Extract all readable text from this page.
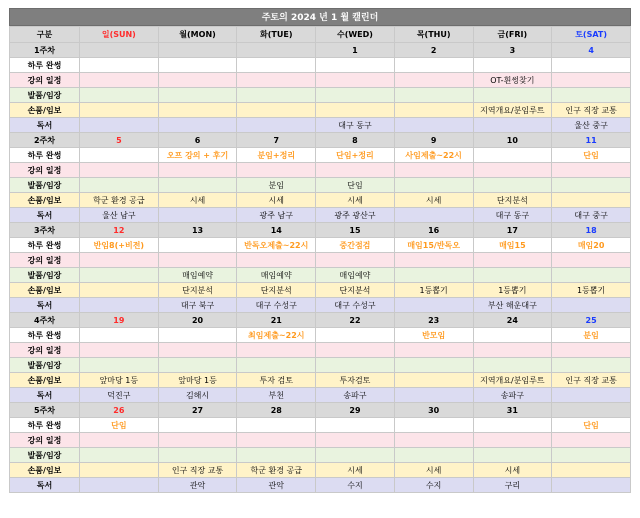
주토의 2024 년 1 월 캘린더
구분	일(SUN)	월(MON)	화(TUE)	수(WED)	목(THU)	금(FRI)	토(SAT)
1주차				1	2	3	4
하루 완썽							
강의 일정						OT-흰썽찾기	
발품/임장							
손품/임보						지역개요/분임루트	인구 직장 교통
독서				대구 동구			울산 중구
2주차	5	6	7	8	9	10	11
하루 완썽		오프 강의 + 후기	분임+정리	단임+정리	사임제출~22시		단임
강의 일정							
발품/임장			분임	단임			
손품/임보	학군 환경 공급	시세	시세	시세	시세	단지분석	
독서	울산 남구		광주 남구	광주 광산구		대구 동구	대구 중구
3주차	12	13	14	15	16	17	18
하루 완썽	반임8(+비전)		반독오제출~22시	중간점검	매임15/반독오	매임15	매임20
강의 일정							
발품/임장		매임예약	매임예약	매임예약			
손품/임보		단지분석	단지분석	단지분석	1등뽑기	1등뽑기	1등뽑기
독서		대구 북구	대구 수성구	대구 수성구		부산 해운대구	
4주차	19	20	21	22	23	24	25
하루 완썽			최임제출~22시		반모임		분임
강의 일정							
발품/임장							
손품/임보	앞마당 1등	앞마당 1등	투자 검토	투자검토		지역개요/분임루트	인구 직장 교통
독서	덕진구	김해시	부천	송파구		송파구	
5주차	26	27	28	29	30	31	
하루 완썽	단임						단임
강의 일정							
발품/임장							
손품/임보		인구 직장 교통	학군 환경 공급	시세	시세	시세	
독서		관악	관악	수지	수지	구리	
